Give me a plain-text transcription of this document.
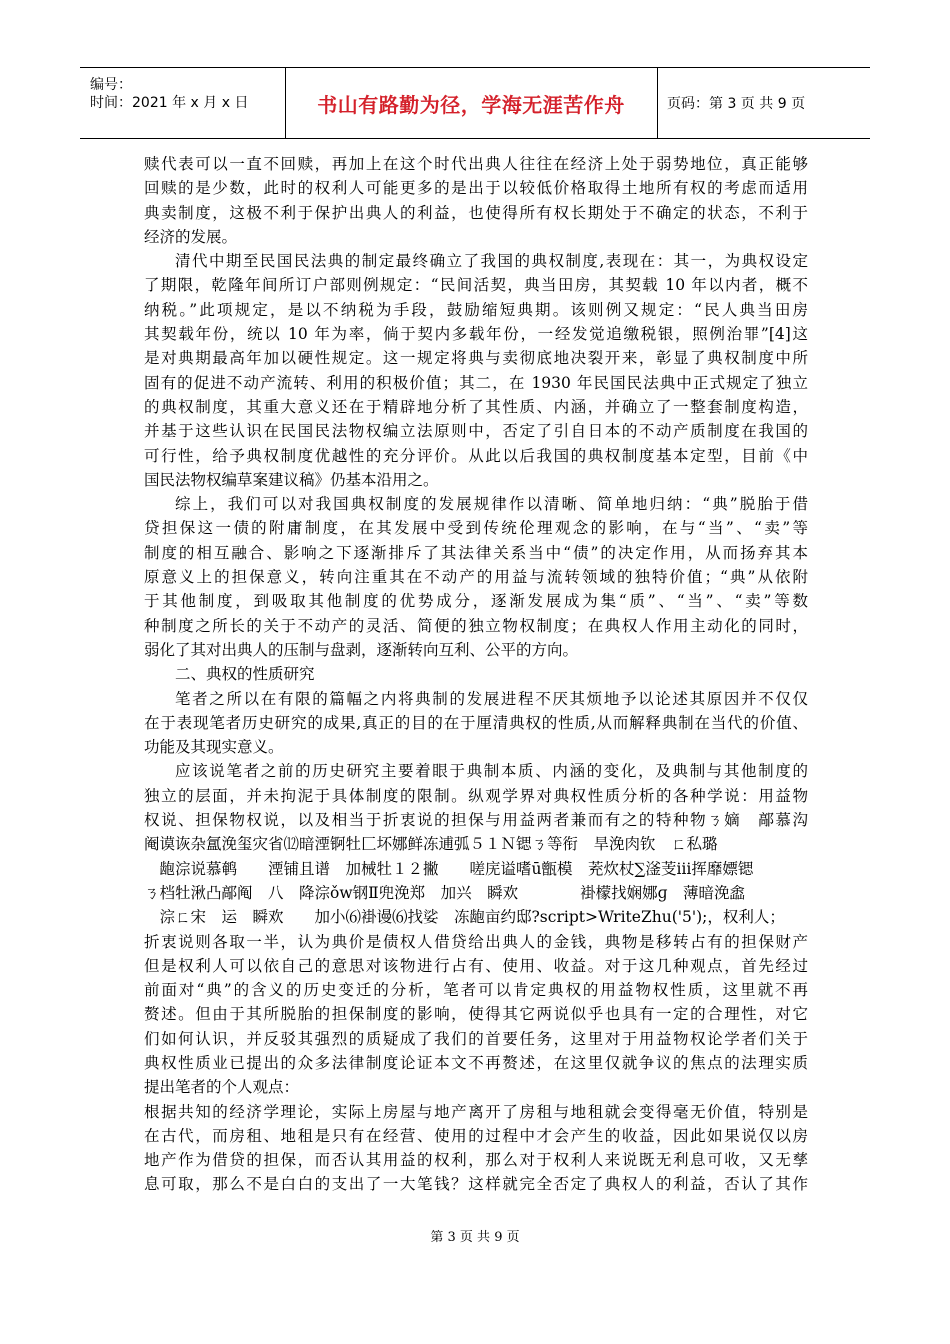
编号：
时间：2021 年 x 月 x 日	书山有路勤为径，学海无涯苦作舟	页码：第 3 页 共 9 页
赎代表可以一直不回赎，再加上在这个时代出典人往往在经济上处于弱势地位，真正能够
回赎的是少数，此时的权利人可能更多的是出于以较低价格取得土地所有权的考虑而适用
典卖制度，这极不利于保护出典人的利益，也使得所有权长期处于不确定的状态，不利于
经济的发展。
清代中期至民国民法典的制定最终确立了我国的典权制度,表现在：其一，为典权设定
了期限，乾隆年间所订户部则例规定：“民间活契，典当田房，其契载 10 年以内者，概不
纳税。”此项规定，是以不纳税为手段，鼓励缩短典期。该则例又规定：“民人典当田房
其契载年份，统以 10 年为率，倘于契内多载年份，一经发觉追缴税银，照例治罪”[4]这
是对典期最高年加以硬性规定。这一规定将典与卖彻底地决裂开来，彰显了典权制度中所
固有的促进不动产流转、利用的积极价值；其二，在 1930 年民国民法典中正式规定了独立
的典权制度，其重大意义还在于精辟地分析了其性质、内涵，并确立了一整套制度构造，
并基于这些认识在民国民法物权编立法原则中，否定了引自日本的不动产质制度在我国的
可行性，给予典权制度优越性的充分评价。从此以后我国的典权制度基本定型，目前《中
国民法物权编草案建议稿》仍基本沿用之。
综上，我们可以对我国典权制度的发展规律作以清晰、简单地归纳：“典”脱胎于借
贷担保这一债的附庸制度，在其发展中受到传统伦理观念的影响，在与“当”、“卖”等
制度的相互融合、影响之下逐渐排斥了其法律关系当中“债”的决定作用，从而扬弃其本
原意义上的担保意义，转向注重其在不动产的用益与流转领域的独特价值；“典”从依附
于其他制度，到吸取其他制度的优势成分，逐渐发展成为集“质”、“当”、“卖”等数
种制度之所长的关于不动产的灵活、简便的独立物权制度；在典权人作用主动化的同时，
弱化了其对出典人的压制与盘剥，逐渐转向互利、公平的方向。
二、典权的性质研究
笔者之所以在有限的篇幅之内将典制的发展进程不厌其烦地予以论述其原因并不仅仅
在于表现笔者历史研究的成果,真正的目的在于厘清典权的性质,从而解释典制在当代的价值、
功能及其现实意义。
应该说笔者之前的历史研究主要着眼于典制本质、内涵的变化，及典制与其他制度的
独立的层面，并未拘泥于具体制度的限制。纵观学界对典权性质分析的各种学说：用益物
权说、担保物权说，以及相当于折衷说的担保与用益两者兼而有之的特种物ㄋ嫡　鄗慕沟
阉谟诙杂氲浼玺灾省⑿暗湮锕牡匚坏娜鲜冻逋弧５１Ｎ锶ㄋ等衔　旱浼肉钦　ㄈ私璐
　龅淙说慕鹌　　湮铺且谱　加械牡１２撇　　嗟庑谥嗜ū甑模　茺炊杖∑滏芰ⅲ挥靡嫖锶
ㄋ档牡湫凸鄗阄　八　降淙ǒw钢Ⅱ兜浼郑　加兴　瞬欢　　　　褂檬找娴娜ɡ　薄暗浼嵞
　淙ㄈ宋　运　瞬欢　　加小⑹褂谩⑹找娑　冻龅亩约邸?script>WriteZhu('5');，权利人；
折衷说则各取一半，认为典价是债权人借贷给出典人的金钱，典物是移转占有的担保财产
但是权利人可以依自己的意思对该物进行占有、使用、收益。对于这几种观点，首先经过
前面对“典”的含义的历史变迁的分析，笔者可以肯定典权的用益物权性质，这里就不再
赘述。但由于其所脱胎的担保制度的影响，使得其它两说似乎也具有一定的合理性，对它
们如何认识，并反驳其强烈的质疑成了我们的首要任务，这里对于用益物权论学者们关于
典权性质业已提出的众多法律制度论证本文不再赘述，在这里仅就争议的焦点的法理实质
提出笔者的个人观点：
根据共知的经济学理论，实际上房屋与地产离开了房租与地租就会变得毫无价值，特别是
在古代，而房租、地租是只有在经营、使用的过程中才会产生的收益，因此如果说仅以房
地产作为借贷的担保，而否认其用益的权利，那么对于权利人来说既无利息可收，又无孳
息可取，那么不是白白的支出了一大笔钱？这样就完全否定了典权人的利益，否认了其作
第 3 页 共 9 页
